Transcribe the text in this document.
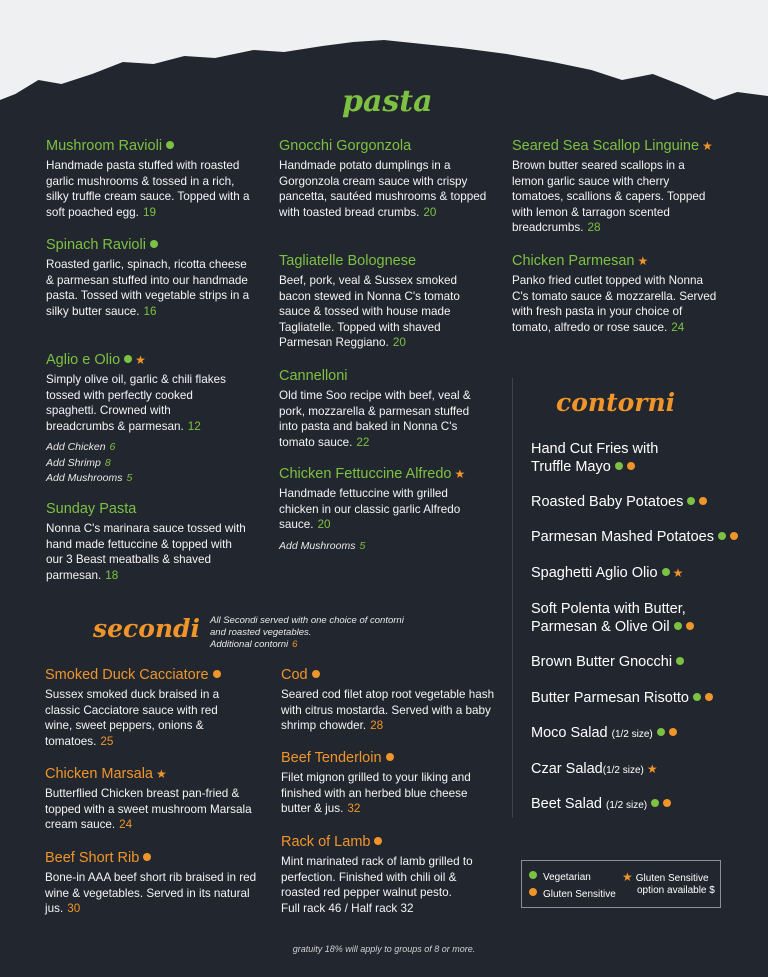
pasta
Mushroom Ravioli
Handmade pasta stuffed with roasted garlic mushrooms & tossed in a rich, silky truffle cream sauce. Topped with a soft poached egg. 19
Spinach Ravioli
Roasted garlic, spinach, ricotta cheese & parmesan stuffed into our handmade pasta. Tossed with vegetable strips in a silky butter sauce. 16
Aglio e Olio ★
Simply olive oil, garlic & chili flakes tossed with perfectly cooked spaghetti. Crowned with breadcrumbs & parmesan. 12
Add Chicken 6
Add Shrimp 8
Add Mushrooms 5
Sunday Pasta
Nonna C's marinara sauce tossed with hand made fettuccine & topped with our 3 Beast meatballs & shaved parmesan. 18
Gnocchi Gorgonzola
Handmade potato dumplings in a Gorgonzola cream sauce with crispy pancetta, sautéed mushrooms & topped with toasted bread crumbs. 20
Tagliatelle Bolognese
Beef, pork, veal & Sussex smoked bacon stewed in Nonna C's tomato sauce & tossed with house made Tagliatelle. Topped with shaved Parmesan Reggiano. 20
Cannelloni
Old time Soo recipe with beef, veal & pork, mozzarella & parmesan stuffed into pasta and baked in Nonna C's tomato sauce. 22
Chicken Fettuccine Alfredo ★
Handmade fettuccine with grilled chicken in our classic garlic Alfredo sauce. 20
Add Mushrooms 5
Seared Sea Scallop Linguine ★
Brown butter seared scallops in a lemon garlic sauce with cherry tomatoes, scallions & capers. Topped with lemon & tarragon scented breadcrumbs. 28
Chicken Parmesan ★
Panko fried cutlet topped with Nonna C's tomato sauce & mozzarella. Served with fresh pasta in your choice of tomato, alfredo or rose sauce. 24
contorni
Hand Cut Fries with
Truffle Mayo
Roasted Baby Potatoes
Parmesan Mashed Potatoes
Spaghetti Aglio Olio ★
Soft Polenta with Butter,
Parmesan & Olive Oil
Brown Butter Gnocchi
Butter Parmesan Risotto
Moco Salad (1/2 size)
Czar Salad(1/2 size) ★
Beet Salad (1/2 size)
secondi All Secondi served with one choice of contorni
and roasted vegetables.
Additional contorni 6
Smoked Duck Cacciatore
Sussex smoked duck braised in a classic Cacciatore sauce with red wine, sweet peppers, onions & tomatoes. 25
Chicken Marsala ★
Butterflied Chicken breast pan-fried & topped with a sweet mushroom Marsala cream sauce. 24
Beef Short Rib
Bone-in AAA beef short rib braised in red wine & vegetables. Served in its natural jus. 30
Cod
Seared cod filet atop root vegetable hash with citrus mostarda. Served with a baby shrimp chowder. 28
Beef Tenderloin
Filet mignon grilled to your liking and finished with an herbed blue cheese butter & jus. 32
Rack of Lamb
Mint marinated rack of lamb grilled to perfection. Finished with chili oil & roasted red pepper walnut pesto.
Full rack 46 / Half rack 32
Vegetarian
Gluten Sensitive
★ Gluten Sensitive
option available $
gratuity 18% will apply to groups of 8 or more.
